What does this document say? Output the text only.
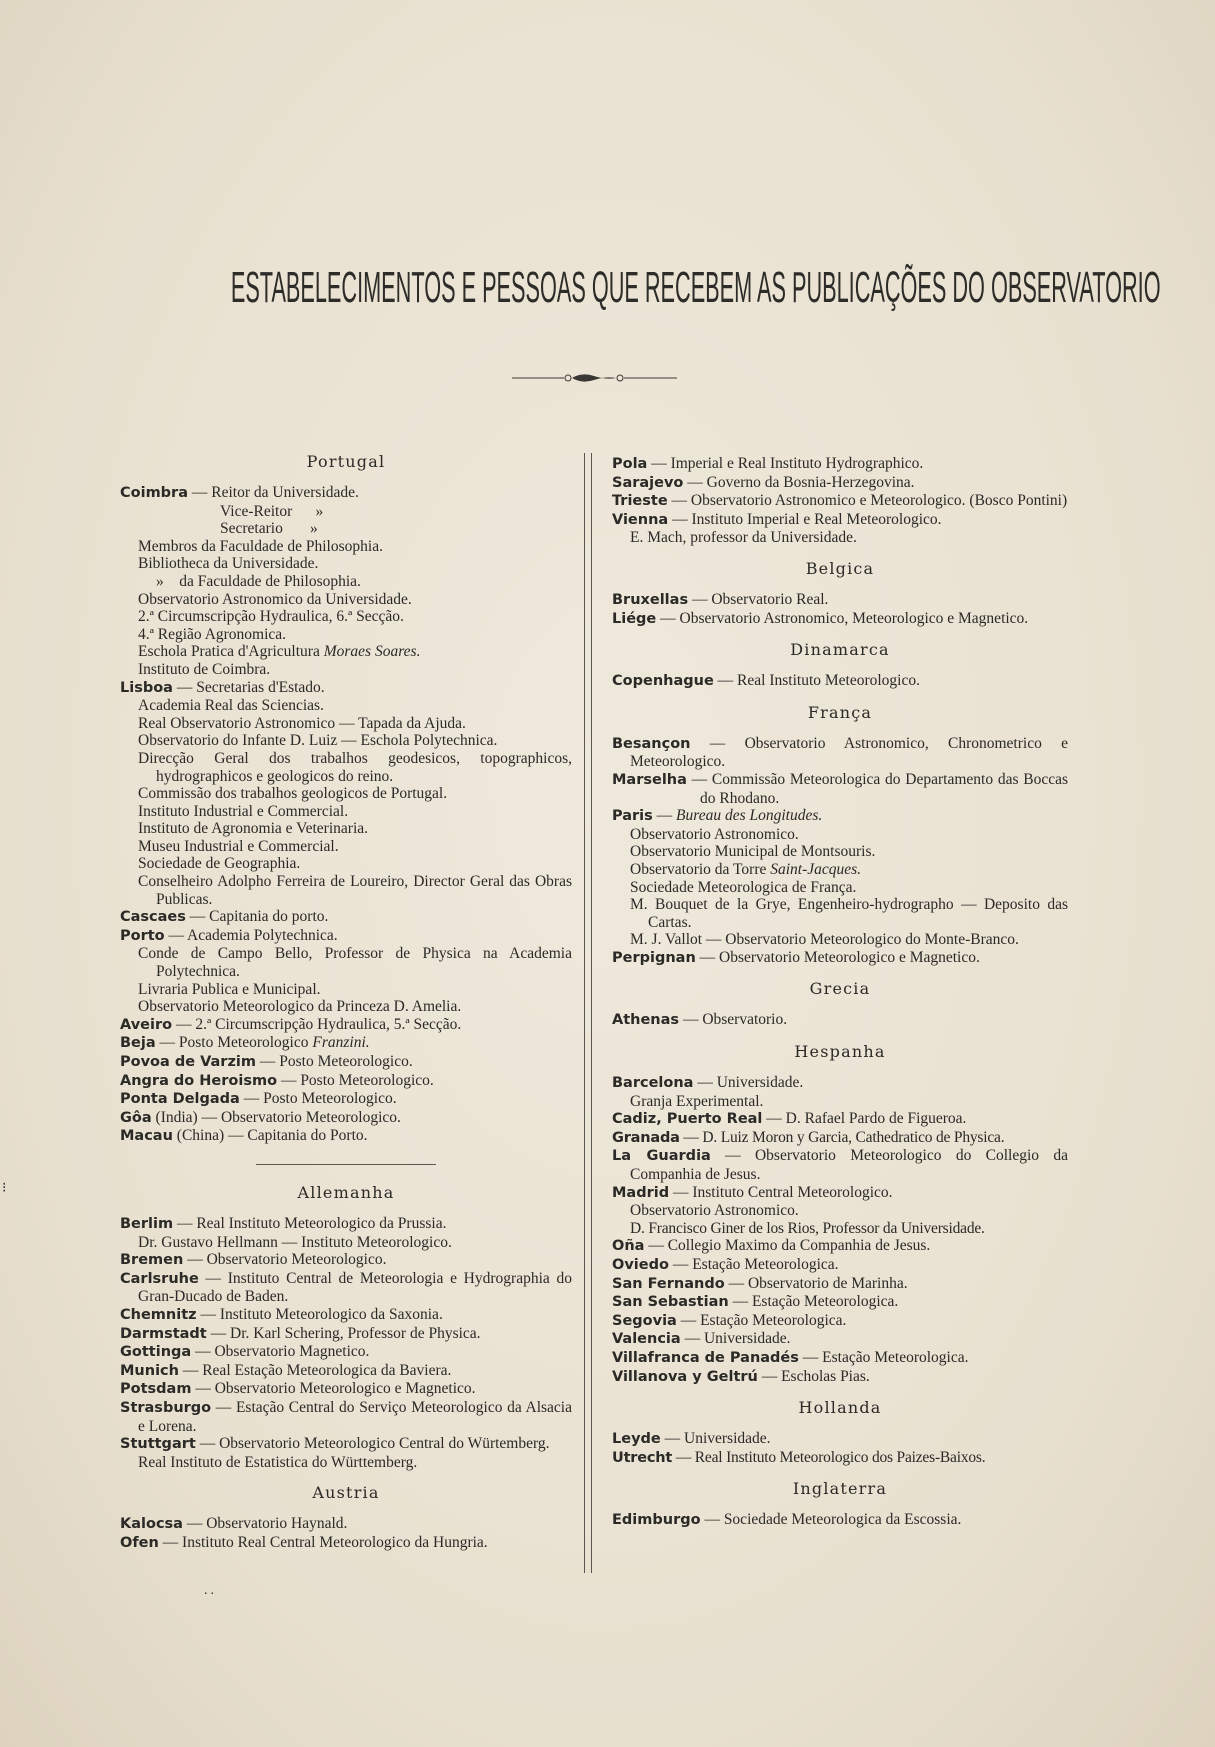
ESTABELECIMENTOS E PESSOAS QUE RECEBEM AS PUBLICAÇÕES DO OBSERVATORIO
Portugal
Coimbra — Reitor da Universidade.
Vice-Reitor      »
Secretario       »
Membros da Faculdade de Philosophia.
Bibliotheca da Universidade.
»    da Faculdade de Philosophia.
Observatorio Astronomico da Universidade.
2.ª Circumscripção Hydraulica, 6.ª Secção.
4.ª Região Agronomica.
Eschola Pratica d'Agricultura Moraes Soares.
Instituto de Coimbra.
Lisboa — Secretarias d'Estado.
Academia Real das Sciencias.
Real Observatorio Astronomico — Tapada da Ajuda.
Observatorio do Infante D. Luiz — Eschola Polytechnica.
Direcção Geral dos trabalhos geodesicos, topographicos, hydrographicos e geologicos do reino.
Commissão dos trabalhos geologicos de Portugal.
Instituto Industrial e Commercial.
Instituto de Agronomia e Veterinaria.
Museu Industrial e Commercial.
Sociedade de Geographia.
Conselheiro Adolpho Ferreira de Loureiro, Director Geral das Obras Publicas.
Cascaes — Capitania do porto.
Porto — Academia Polytechnica.
Conde de Campo Bello, Professor de Physica na Academia Polytechnica.
Livraria Publica e Municipal.
Observatorio Meteorologico da Princeza D. Amelia.
Aveiro — 2.ª Circumscripção Hydraulica, 5.ª Secção.
Beja — Posto Meteorologico Franzini.
Povoa de Varzim — Posto Meteorologico.
Angra do Heroismo — Posto Meteorologico.
Ponta Delgada — Posto Meteorologico.
Gôa (India) — Observatorio Meteorologico.
Macau (China) — Capitania do Porto.
Allemanha
Berlim — Real Instituto Meteorologico da Prussia.
Dr. Gustavo Hellmann — Instituto Meteorologico.
Bremen — Observatorio Meteorologico.
Carlsruhe — Instituto Central de Meteorologia e Hydrographia do Gran-Ducado de Baden.
Chemnitz — Instituto Meteorologico da Saxonia.
Darmstadt — Dr. Karl Schering, Professor de Physica.
Gottinga — Observatorio Magnetico.
Munich — Real Estação Meteorologica da Baviera.
Potsdam — Observatorio Meteorologico e Magnetico.
Strasburgo — Estação Central do Serviço Meteorologico da Alsacia e Lorena.
Stuttgart — Observatorio Meteorologico Central do Würtemberg.
Real Instituto de Estatistica do Württemberg.
Austria
Kalocsa — Observatorio Haynald.
Ofen — Instituto Real Central Meteorologico da Hungria.
Pola — Imperial e Real Instituto Hydrographico.
Sarajevo — Governo da Bosnia-Herzegovina.
Trieste — Observatorio Astronomico e Meteorologico. (Bosco Pontini)
Vienna — Instituto Imperial e Real Meteorologico.
E. Mach, professor da Universidade.
Belgica
Bruxellas — Observatorio Real.
Liége — Observatorio Astronomico, Meteorologico e Magnetico.
Dinamarca
Copenhague — Real Instituto Meteorologico.
França
Besançon — Observatorio Astronomico, Chronometrico e Meteorologico.
Marselha — Commissão Meteorologica do Departamento das Boccas do Rhodano.
Paris — Bureau des Longitudes.
Observatorio Astronomico.
Observatorio Municipal de Montsouris.
Observatorio da Torre Saint-Jacques.
Sociedade Meteorologica de França.
M. Bouquet de la Grye, Engenheiro-hydrographo — Deposito das Cartas.
M. J. Vallot — Observatorio Meteorologico do Monte-Branco.
Perpignan — Observatorio Meteorologico e Magnetico.
Grecia
Athenas — Observatorio.
Hespanha
Barcelona — Universidade.
Granja Experimental.
Cadiz, Puerto Real — D. Rafael Pardo de Figueroa.
Granada — D. Luiz Moron y Garcia, Cathedratico de Physica.
La Guardia — Observatorio Meteorologico do Collegio da Companhia de Jesus.
Madrid — Instituto Central Meteorologico.
Observatorio Astronomico.
D. Francisco Giner de los Rios, Professor da Universidade.
Oña — Collegio Maximo da Companhia de Jesus.
Oviedo — Estação Meteorologica.
San Fernando — Observatorio de Marinha.
San Sebastian — Estação Meteorologica.
Segovia — Estação Meteorologica.
Valencia — Universidade.
Villafranca de Panadés — Estação Meteorologica.
Villanova y Geltrú — Escholas Pias.
Hollanda
Leyde — Universidade.
Utrecht — Real Instituto Meteorologico dos Paizes-Baixos.
Inglaterra
Edimburgo — Sociedade Meteorologica da Escossia.
..
⁝
